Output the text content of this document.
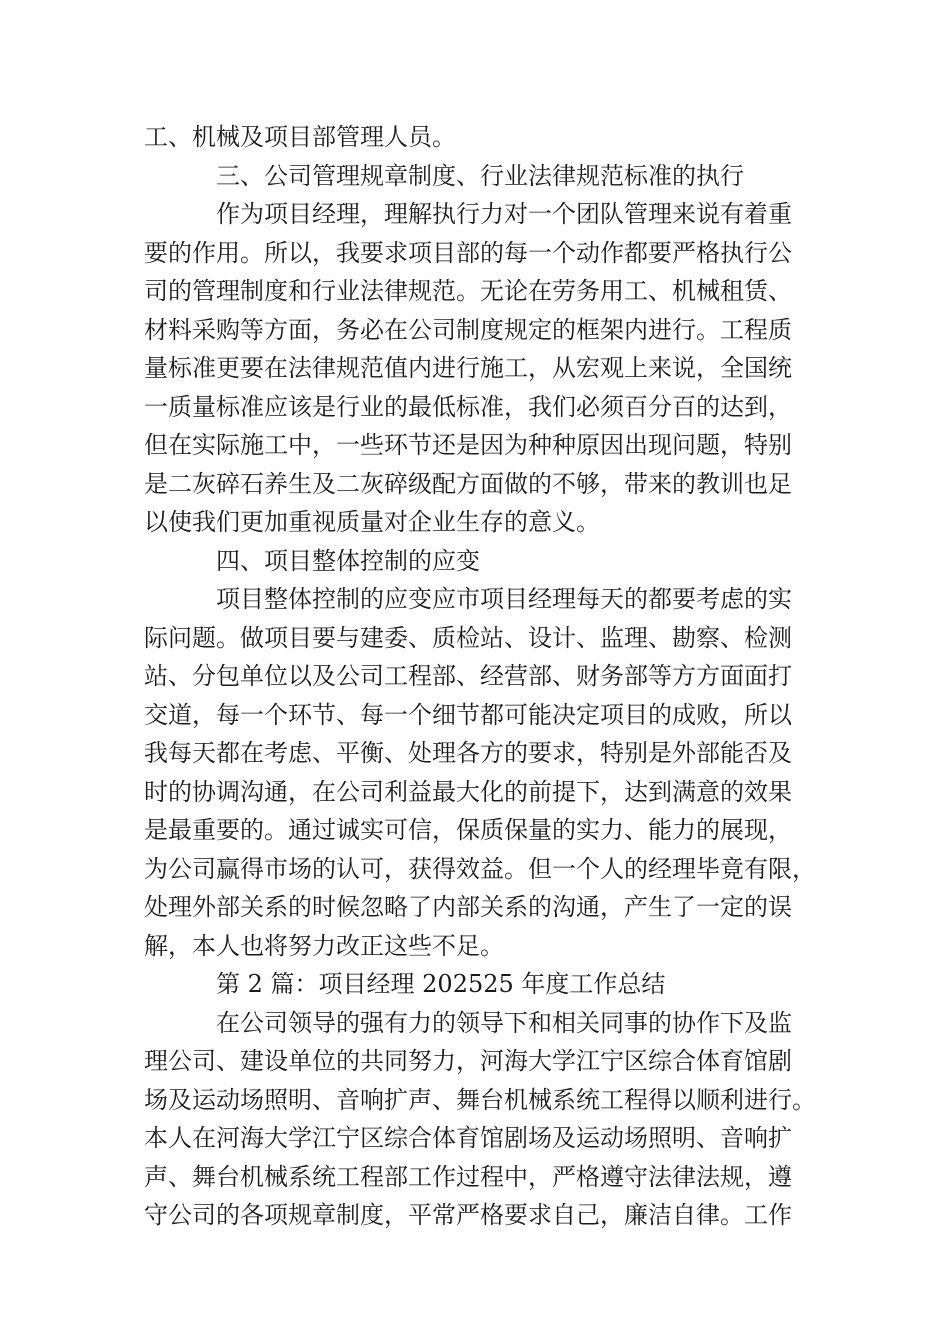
工、机械及项目部管理人员。
三、公司管理规章制度、行业法律规范标准的执行
作为项目经理，理解执行力对一个团队管理来说有着重
要的作用。所以，我要求项目部的每一个动作都要严格执行公
司的管理制度和行业法律规范。无论在劳务用工、机械租赁、
材料采购等方面，务必在公司制度规定的框架内进行。工程质
量标准更要在法律规范值内进行施工，从宏观上来说，全国统
一质量标准应该是行业的最低标准，我们必须百分百的达到，
但在实际施工中，一些环节还是因为种种原因出现问题，特别
是二灰碎石养生及二灰碎级配方面做的不够，带来的教训也足
以使我们更加重视质量对企业生存的意义。
四、项目整体控制的应变
项目整体控制的应变应市项目经理每天的都要考虑的实
际问题。做项目要与建委、质检站、设计、监理、勘察、检测
站、分包单位以及公司工程部、经营部、财务部等方方面面打
交道，每一个环节、每一个细节都可能决定项目的成败，所以
我每天都在考虑、平衡、处理各方的要求，特别是外部能否及
时的协调沟通，在公司利益最大化的前提下，达到满意的效果
是最重要的。通过诚实可信，保质保量的实力、能力的展现，
为公司赢得市场的认可，获得效益。但一个人的经理毕竟有限，
处理外部关系的时候忽略了内部关系的沟通，产生了一定的误
解，本人也将努力改正这些不足。
第 2 篇：项目经理 202525 年度工作总结
在公司领导的强有力的领导下和相关同事的协作下及监
理公司、建设单位的共同努力，河海大学江宁区综合体育馆剧
场及运动场照明、音响扩声、舞台机械系统工程得以顺利进行。
本人在河海大学江宁区综合体育馆剧场及运动场照明、音响扩
声、舞台机械系统工程部工作过程中，严格遵守法律法规，遵
守公司的各项规章制度，平常严格要求自己，廉洁自律。工作
